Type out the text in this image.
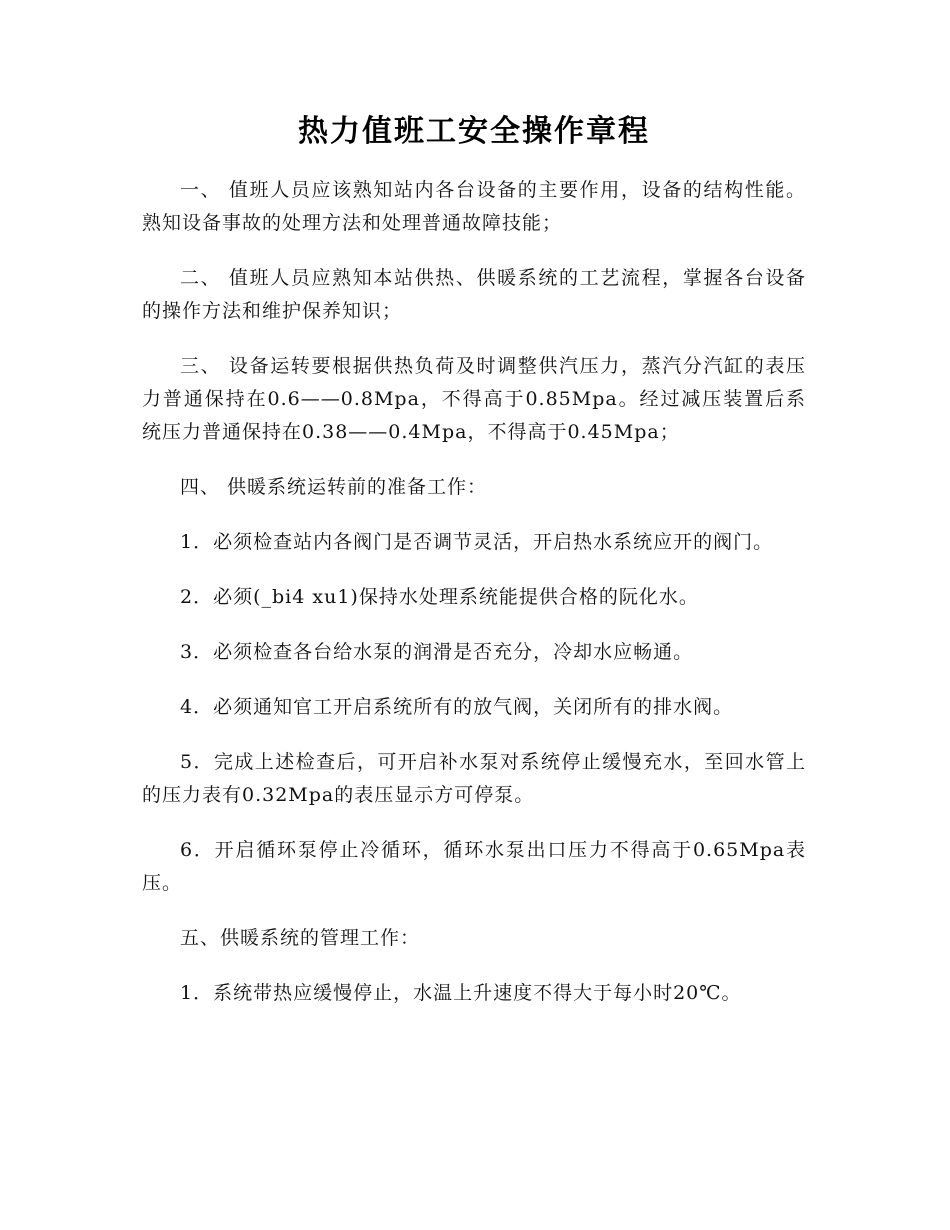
热力值班工安全操作章程

一、 值班人员应该熟知站内各台设备的主要作用，设备的结构性能。熟知设备事故的处理方法和处理普通故障技能；

二、 值班人员应熟知本站供热、供暖系统的工艺流程，掌握各台设备的操作方法和维护保养知识；

三、 设备运转要根据供热负荷及时调整供汽压力，蒸汽分汽缸的表压力普通保持在0.6——0.8Mpa，不得高于0.85Mpa。经过减压装置后系统压力普通保持在0.38——0.4Mpa，不得高于0.45Mpa；

四、 供暖系统运转前的准备工作：

1．必须检查站内各阀门是否调节灵活，开启热水系统应开的阀门。

2．必须(_bi4 xu1)保持水处理系统能提供合格的阮化水。

3．必须检查各台给水泵的润滑是否充分，冷却水应畅通。

4．必须通知官工开启系统所有的放气阀，关闭所有的排水阀。

5．完成上述检查后，可开启补水泵对系统停止缓慢充水，至回水管上的压力表有0.32Mpa的表压显示方可停泵。

6．开启循环泵停止冷循环，循环水泵出口压力不得高于0.65Mpa表压。

五、供暖系统的管理工作：

1．系统带热应缓慢停止，水温上升速度不得大于每小时20℃。
